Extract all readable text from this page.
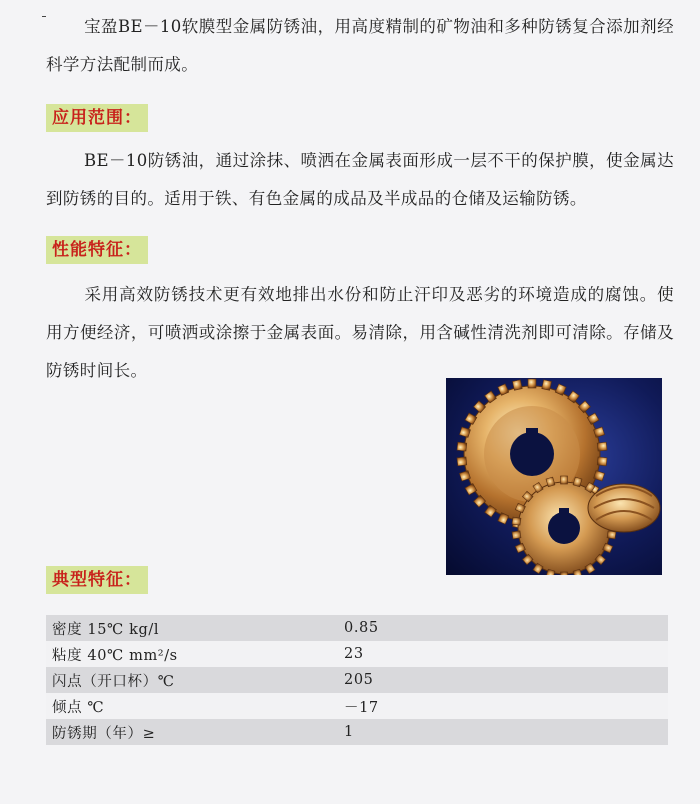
宝盈BE－10软膜型金属防锈油，用高度精制的矿物油和多种防锈复合添加剂经科学方法配制而成。

应用范围：

BE－10防锈油，通过涂抹、喷洒在金属表面形成一层不干的保护膜，使金属达到防锈的目的。适用于铁、有色金属的成品及半成品的仓储及运输防锈。

性能特征：

采用高效防锈技术更有效地排出水份和防止汗印及恶劣的环境造成的腐蚀。使用方便经济，可喷洒或涂擦于金属表面。易清除，用含碱性清洗剂即可清除。存储及防锈时间长。

典型特征：
密度 15℃ kg/l	0.85
粘度 40℃ mm²/s	23
闪点（开口杯）℃	205
倾点 ℃	－17
防锈期（年）≥	1
